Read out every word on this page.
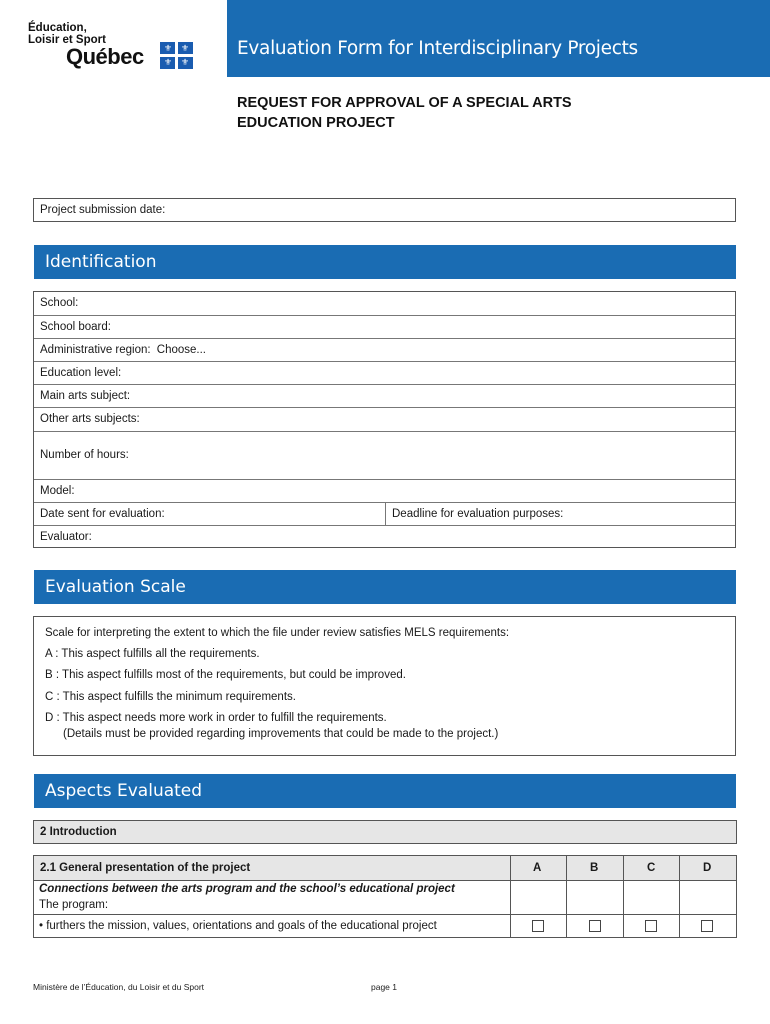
Éducation,
Loisir et Sport
Québec ⚜ ⚜
⚜ ⚜
Evaluation Form for Interdisciplinary Projects
REQUEST FOR APPROVAL OF A SPECIAL ARTS
EDUCATION PROJECT
Project submission date:
Identification
School:
School board:
Administrative region: Choose...
Education level:
Main arts subject:
Other arts subjects:
Number of hours:
Model:
Date sent for evaluation:	Deadline for evaluation purposes:
Evaluator:
Evaluation Scale
Scale for interpreting the extent to which the file under review satisfies MELS requirements:
A : This aspect fulfills all the requirements.
B : This aspect fulfills most of the requirements, but could be improved.
C : This aspect fulfills the minimum requirements.
D : This aspect needs more work in order to fulfill the requirements.
(Details must be provided regarding improvements that could be made to the project.)
Aspects Evaluated
2 Introduction
2.1 General presentation of the project	A	B	C	D
Connections between the arts program and the school’s educational project
The program:
• furthers the mission, values, orientations and goals of the educational project
Ministère de l’Éducation, du Loisir et du Sport	page 1
